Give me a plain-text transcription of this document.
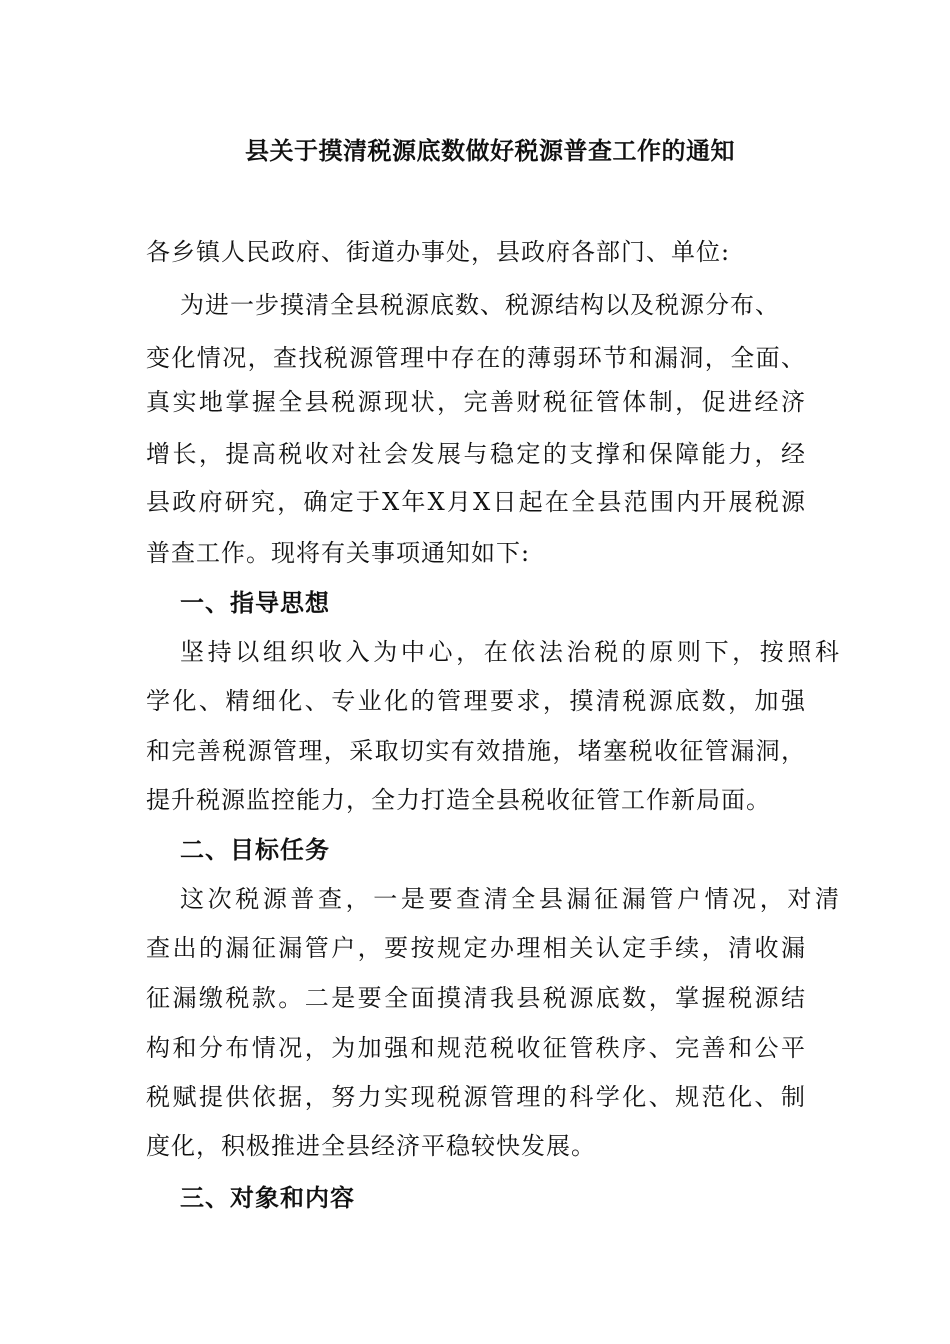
县关于摸清税源底数做好税源普查工作的通知
各乡镇人民政府、街道办事处，县政府各部门、单位:
为进一步摸清全县税源底数、税源结构以及税源分布、
变化情况，查找税源管理中存在的薄弱环节和漏洞，全面、
真实地掌握全县税源现状，完善财税征管体制，促进经济
增长，提高税收对社会发展与稳定的支撑和保障能力，经
县政府研究，确定于X年X月X日起在全县范围内开展税源
普查工作。现将有关事项通知如下:
一、指导思想
坚持以组织收入为中心，在依法治税的原则下，按照科
学化、精细化、专业化的管理要求，摸清税源底数，加强
和完善税源管理，采取切实有效措施，堵塞税收征管漏洞，
提升税源监控能力，全力打造全县税收征管工作新局面。
二、目标任务
这次税源普查，一是要查清全县漏征漏管户情况，对清
查出的漏征漏管户，要按规定办理相关认定手续，清收漏
征漏缴税款。二是要全面摸清我县税源底数，掌握税源结
构和分布情况，为加强和规范税收征管秩序、完善和公平
税赋提供依据，努力实现税源管理的科学化、规范化、制
度化，积极推进全县经济平稳较快发展。
三、对象和内容
